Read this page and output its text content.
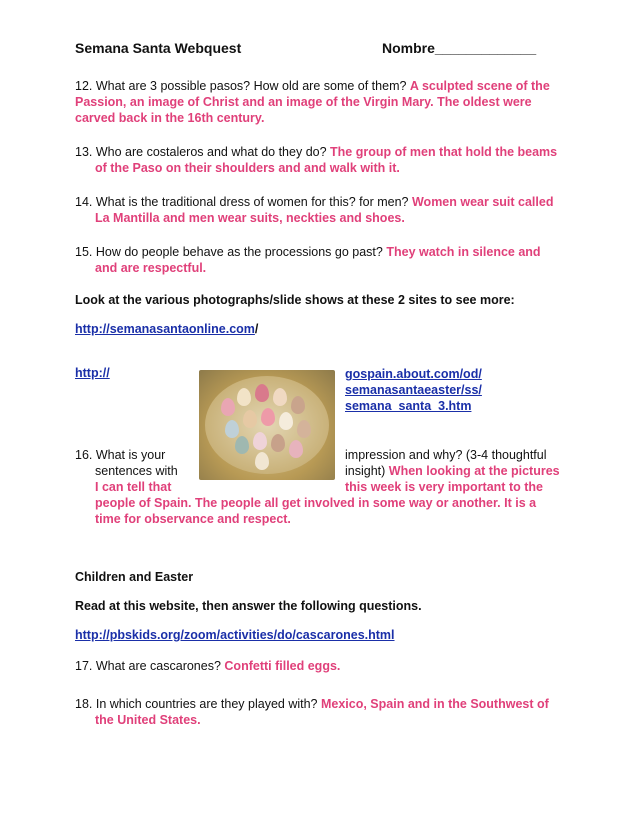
Semana Santa Webquest	Nombre_____________
12. What are 3 possible pasos? How old are some of them? A sculpted scene of the
Passion, an image of Christ and an image of the Virgin Mary. The oldest were
carved back in the 16th century.
13. Who are costaleros and what do they do? The group of men that hold the beams
of the Paso on their shoulders and and walk with it.
14. What is the traditional dress of women for this? for men? Women wear suit called
La Mantilla and men wear suits, neckties and shoes.
15. How do people behave as the processions go past? They watch in silence and
and are respectful.
Look at the various photographs/slide shows at these 2 sites to see more:
http://semanasantaonline.com/
http://	gospain.about.com/od/
semanasantaeaster/ss/
semana_santa_3.htm
16. What is your	impression and why? (3-4 thoughtful
sentences with	insight) When looking at the pictures
I can tell that	this week is very important to the
people of Spain. The people all get involved in some way or another. It is a
time for observance and respect.
Children and Easter
Read at this website, then answer the following questions.
http://pbskids.org/zoom/activities/do/cascarones.html
17. What are cascarones? Confetti filled eggs.
18. In which countries are they played with? Mexico, Spain and in the Southwest of
the United States.
